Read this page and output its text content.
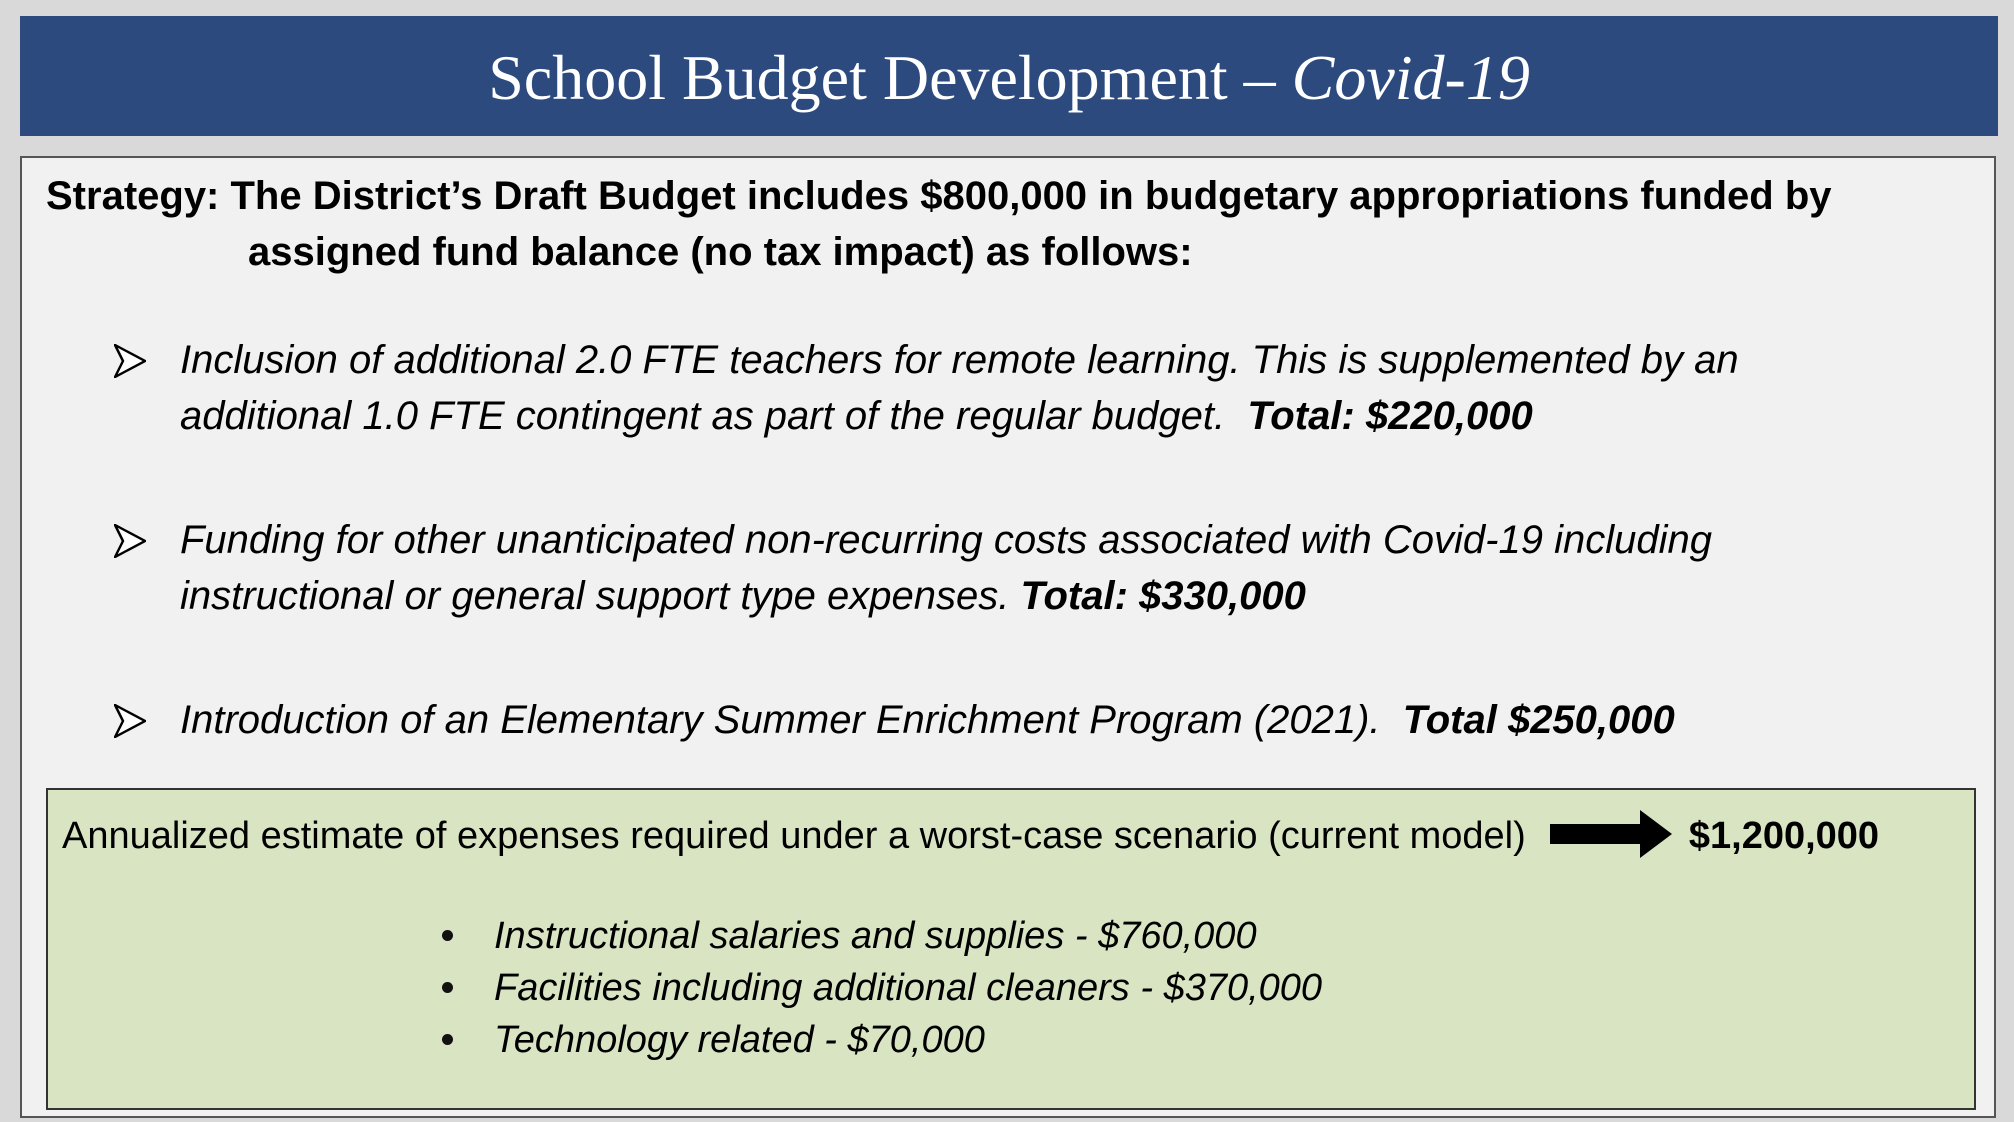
School Budget Development – Covid-19
Strategy: The District’s Draft Budget includes $800,000 in budgetary appropriations funded by
assigned fund balance (no tax impact) as follows:
Inclusion of additional 2.0 FTE teachers for remote learning. This is supplemented by an additional 1.0 FTE contingent as part of the regular budget. Total: $220,000
Funding for other unanticipated non-recurring costs associated with Covid-19 including instructional or general support type expenses. Total: $330,000
Introduction of an Elementary Summer Enrichment Program (2021). Total $250,000
Annualized estimate of expenses required under a worst-case scenario (current model)	$1,200,000
Instructional salaries and supplies - $760,000
Facilities including additional cleaners - $370,000
Technology related - $70,000
